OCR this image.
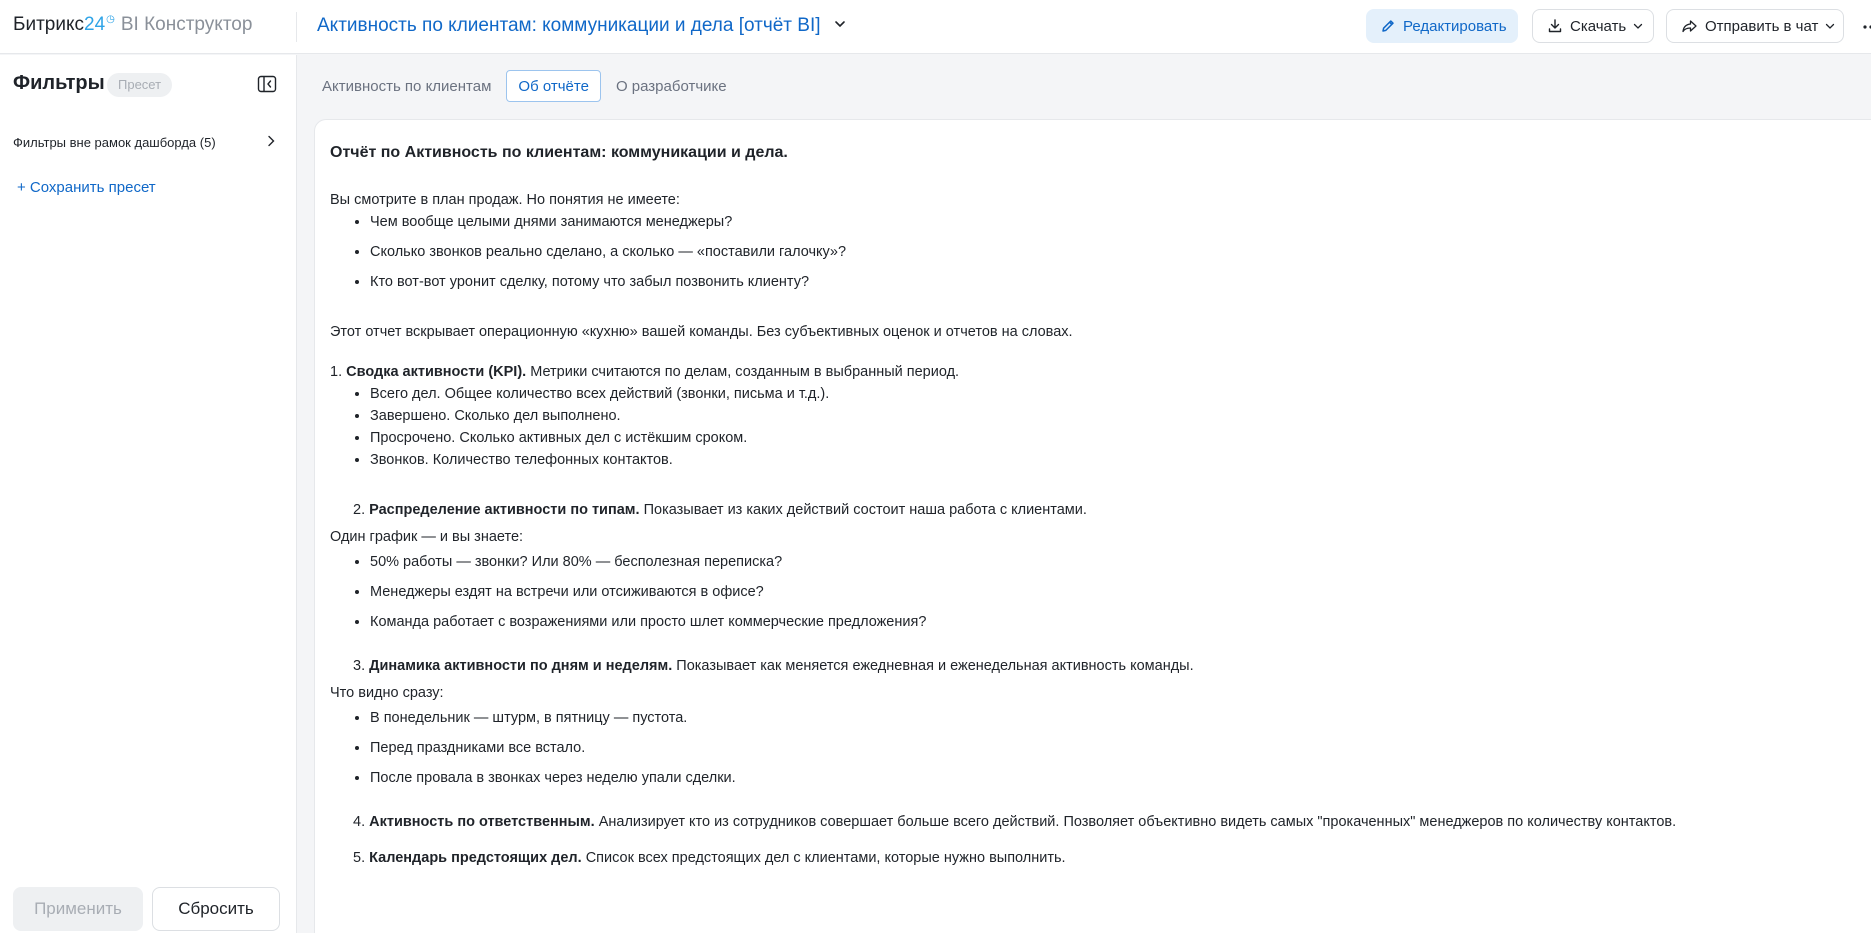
Битрикс 24 ◷ BI Конструктор	Активность по клиентам: коммуникации и дела [отчёт BI]	Редактировать	Скачать	Отправить в чат
Фильтры	Пресет
Фильтры вне рамок дашборда (5)
+ Сохранить пресет
Применить	Сбросить
Активность по клиентам	Об отчёте	О разработчике
Отчёт по Активность по клиентам: коммуникации и дела.
Вы смотрите в план продаж. Но понятия не имеете:
• Чем вообще целыми днями занимаются менеджеры?
• Сколько звонков реально сделано, а сколько — «поставили галочку»?
• Кто вот-вот уронит сделку, потому что забыл позвонить клиенту?
Этот отчет вскрывает операционную «кухню» вашей команды. Без субъективных оценок и отчетов на словах.
1. Сводка активности (KPI). Метрики считаются по делам, созданным в выбранный период.
• Всего дел. Общее количество всех действий (звонки, письма и т.д.).
• Завершено. Сколько дел выполнено.
• Просрочено. Сколько активных дел с истёкшим сроком.
• Звонков. Количество телефонных контактов.
2. Распределение активности по типам. Показывает из каких действий состоит наша работа с клиентами.
Один график — и вы знаете:
• 50% работы — звонки? Или 80% — бесполезная переписка?
• Менеджеры ездят на встречи или отсиживаются в офисе?
• Команда работает с возражениями или просто шлет коммерческие предложения?
3. Динамика активности по дням и неделям. Показывает как меняется ежедневная и еженедельная активность команды.
Что видно сразу:
• В понедельник — штурм, в пятницу — пустота.
• Перед праздниками все встало.
• После провала в звонках через неделю упали сделки.
4. Активность по ответственным. Анализирует кто из сотрудников совершает больше всего действий. Позволяет объективно видеть самых "прокаченных" менеджеров по количеству контактов.
5. Календарь предстоящих дел. Список всех предстоящих дел с клиентами, которые нужно выполнить.
